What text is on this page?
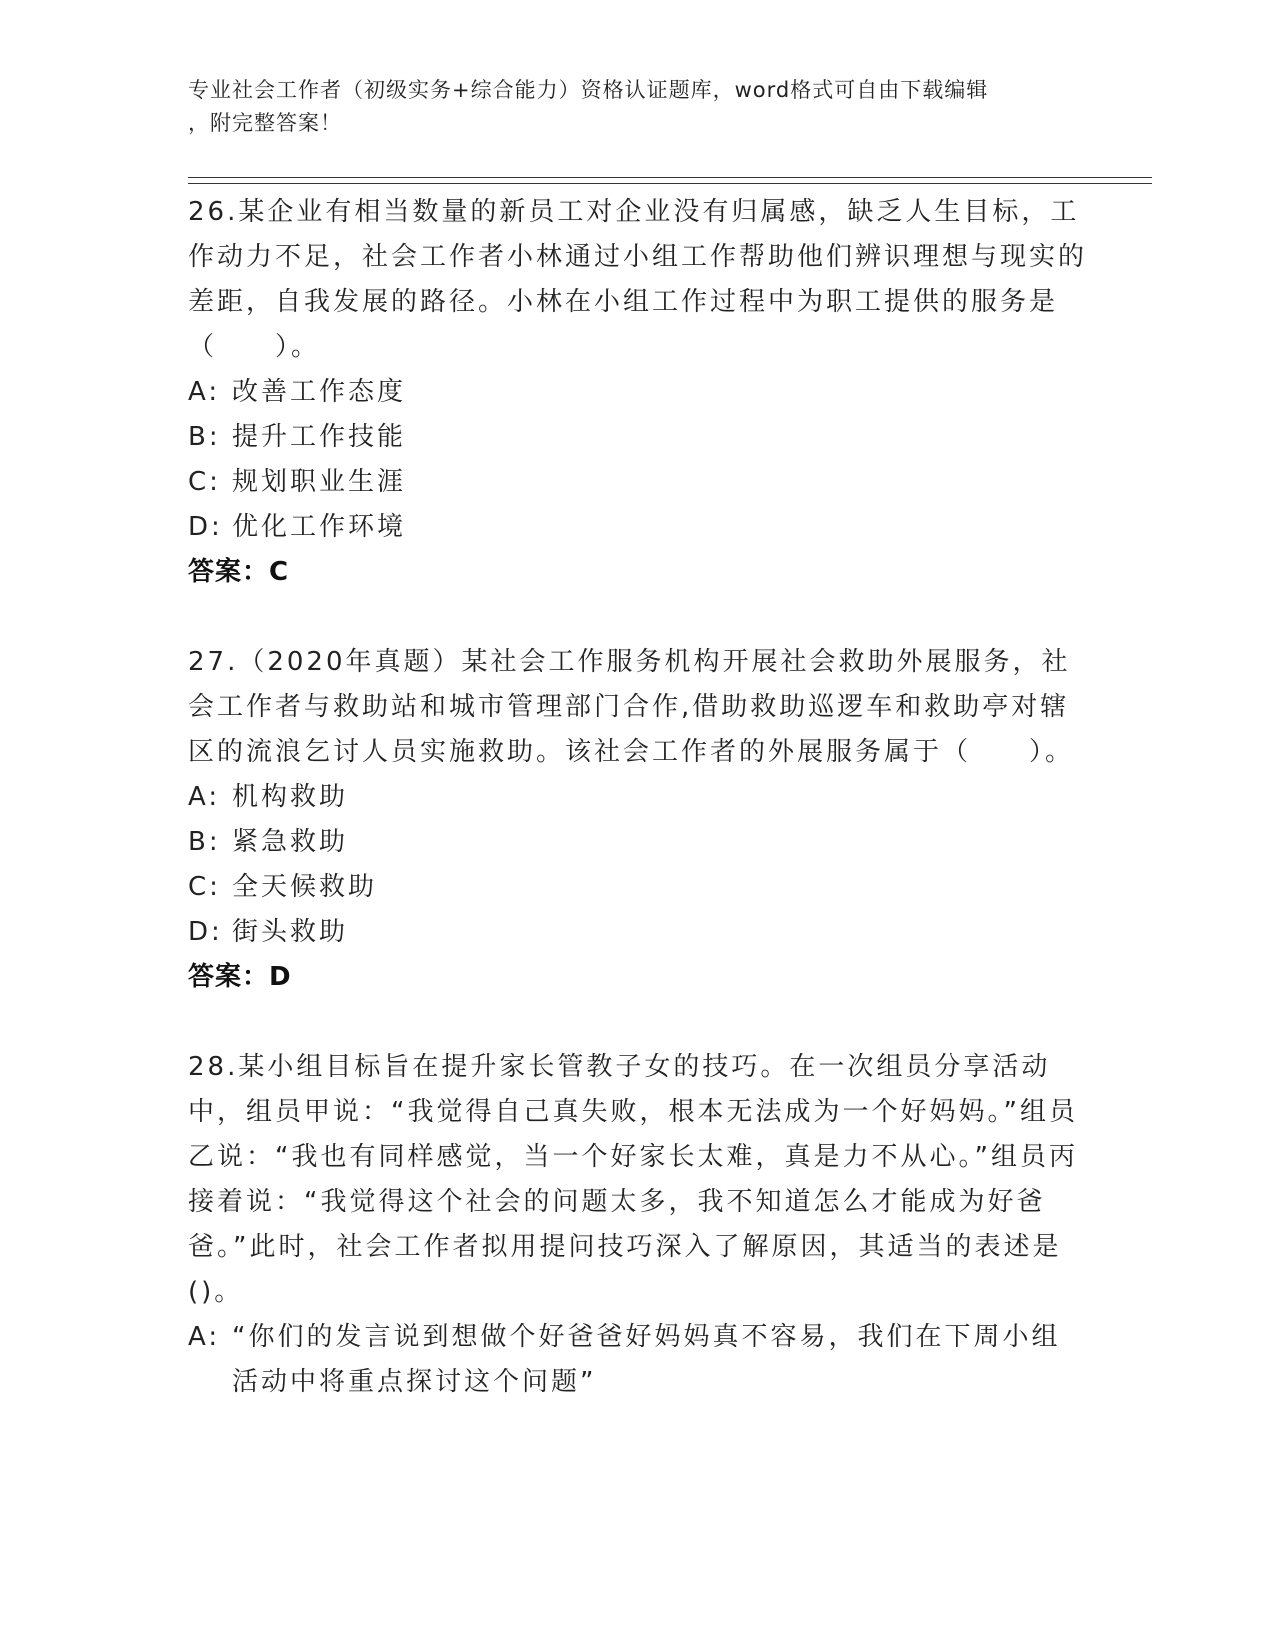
专业社会工作者（初级实务+综合能力）资格认证题库，word格式可自由下载编辑
，附完整答案！

26.某企业有相当数量的新员工对企业没有归属感，缺乏人生目标，工作动力不足，社会工作者小林通过小组工作帮助他们辨识理想与现实的差距，自我发展的路径。小林在小组工作过程中为职工提供的服务是（　　）。

A: 改善工作态度
B: 提升工作技能
C: 规划职业生涯
D: 优化工作环境

答案：C

27.（2020年真题）某社会工作服务机构开展社会救助外展服务，社会工作者与救助站和城市管理部门合作,借助救助巡逻车和救助亭对辖区的流浪乞讨人员实施救助。该社会工作者的外展服务属于（　　）。

A: 机构救助
B: 紧急救助
C: 全天候救助
D: 街头救助

答案：D

28.某小组目标旨在提升家长管教子女的技巧。在一次组员分享活动中，组员甲说：“我觉得自己真失败，根本无法成为一个好妈妈。”组员乙说：“我也有同样感觉，当一个好家长太难，真是力不从心。”组员丙接着说：“我觉得这个社会的问题太多，我不知道怎么才能成为好爸爸。”此时，社会工作者拟用提问技巧深入了解原因，其适当的表述是()。

A: “你们的发言说到想做个好爸爸好妈妈真不容易，我们在下周小组活动中将重点探讨这个问题”
